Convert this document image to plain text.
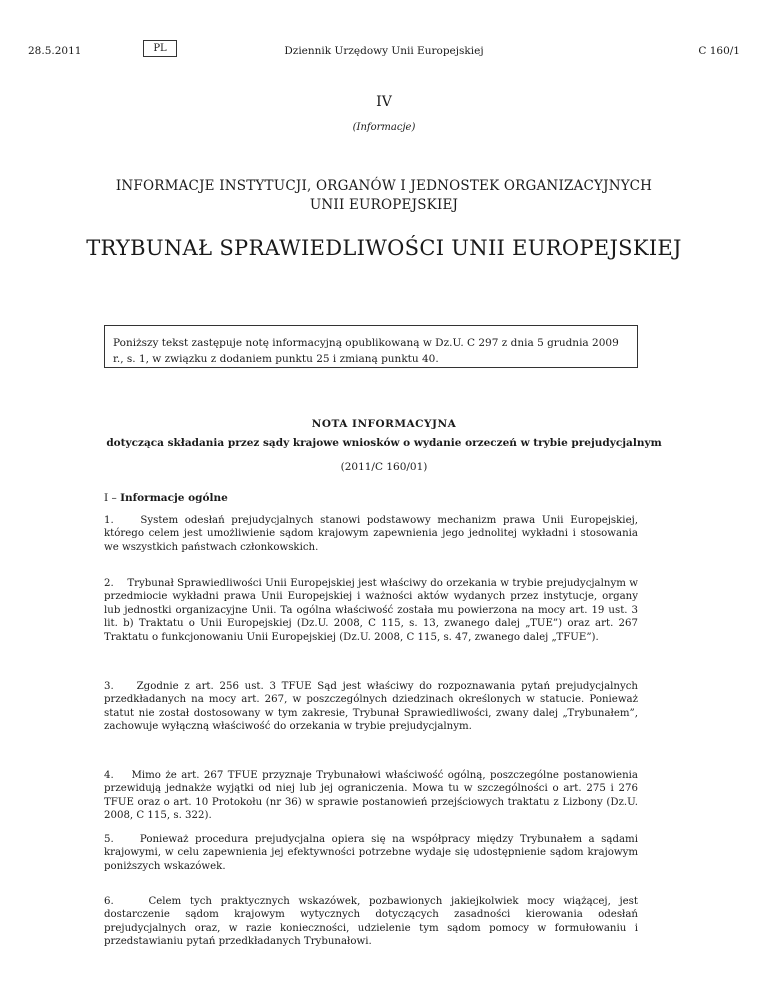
28.5.2011	PL	Dziennik Urzędowy Unii Europejskiej	C 160/1
IV
(Informacje)
INFORMACJE INSTYTUCJI, ORGANÓW I JEDNOSTEK ORGANIZACYJNYCH
UNII EUROPEJSKIEJ
TRYBUNAŁ SPRAWIEDLIWOŚCI UNII EUROPEJSKIEJ
Poniższy tekst zastępuje notę informacyjną opublikowaną w Dz.U. C 297 z dnia 5 grudnia 2009 r., s. 1, w związku z dodaniem punktu 25 i zmianą punktu 40.
NOTA INFORMACYJNA
dotycząca składania przez sądy krajowe wniosków o wydanie orzeczeń w trybie prejudycjalnym
(2011/C 160/01)
I – Informacje ogólne

1.	System odesłań prejudycjalnych stanowi podstawowy mechanizm prawa Unii Europejskiej, którego celem jest umożliwienie sądom krajowym zapewnienia jego jednolitej wykładni i stosowania we wszystkich państwach członkowskich.

2. Trybunał Sprawiedliwości Unii Europejskiej jest właściwy do orzekania w trybie prejudycjalnym w przedmiocie wykładni prawa Unii Europejskiej i ważności aktów wydanych przez instytucje, organy lub jednostki organizacyjne Unii. Ta ogólna właściwość została mu powierzona na mocy art. 19 ust. 3 lit. b) Traktatu o Unii Europejskiej (Dz.U. 2008, C 115, s. 13, zwanego dalej „TUE”) oraz art. 267 Traktatu o funkcjonowaniu Unii Europejskiej (Dz.U. 2008, C 115, s. 47, zwanego dalej „TFUE”).

3. Zgodnie z art. 256 ust. 3 TFUE Sąd jest właściwy do rozpoznawania pytań prejudycjalnych przedkładanych na mocy art. 267, w poszczególnych dziedzinach określonych w statucie. Ponieważ statut nie został dostosowany w tym zakresie, Trybunał Sprawiedliwości, zwany dalej „Trybunałem”, zachowuje wyłączną właściwość do orzekania w trybie prejudycjalnym.

4. Mimo że art. 267 TFUE przyznaje Trybunałowi właściwość ogólną, poszczególne postanowienia przewidują jednakże wyjątki od niej lub jej ograniczenia. Mowa tu w szczególności o art. 275 i 276 TFUE oraz o art. 10 Protokołu (nr 36) w sprawie postanowień przejściowych traktatu z Lizbony (Dz.U. 2008, C 115, s. 322).

5.	Ponieważ procedura prejudycjalna opiera się na współpracy między Trybunałem a sądami krajowymi, w celu zapewnienia jej efektywności potrzebne wydaje się udostępnienie sądom krajowym poniższych wskazówek.

6.	Celem tych praktycznych wskazówek, pozbawionych jakiejkolwiek mocy wiążącej, jest dostarczenie sądom krajowym wytycznych dotyczących zasadności kierowania odesłań prejudycjalnych oraz, w razie konieczności, udzielenie tym sądom pomocy w formułowaniu i przedstawianiu pytań przedkładanych Trybunałowi.
